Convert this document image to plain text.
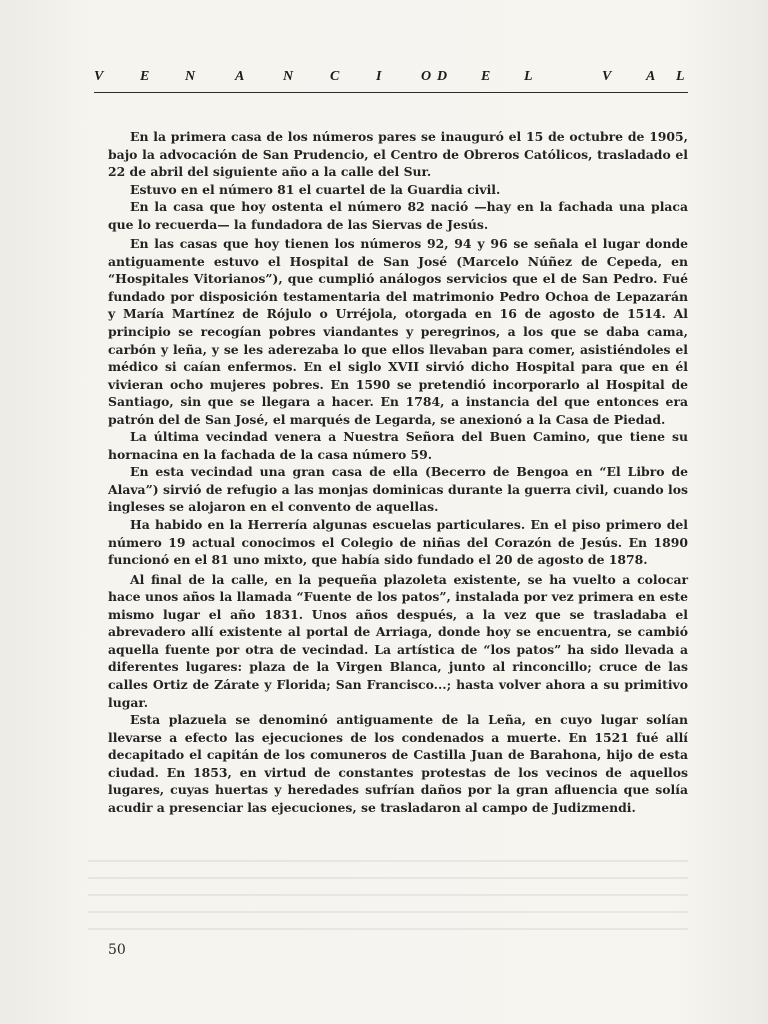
V	E	N	A	N	C	I	O D E L	V A L

En la primera casa de los números pares se inauguró el 15 de octubre de 1905, bajo la advocación de San Prudencio, el Centro de Obreros Católicos, trasladado el 22 de abril del siguiente año a la calle del Sur.

Estuvo en el número 81 el cuartel de la Guardia civil.

En la casa que hoy ostenta el número 82 nació —hay en la fachada una placa que lo recuerda— la fundadora de las Siervas de Jesús.

En las casas que hoy tienen los números 92, 94 y 96 se señala el lugar donde antiguamente estuvo el Hospital de San José (Marcelo Núñez de Cepeda, en “Hospitales Vitorianos”), que cumplió análogos servicios que el de San Pedro. Fué fundado por disposición testamentaria del matrimonio Pedro Ochoa de Lepazarán y María Martínez de Rójulo o Urréjola, otorgada en 16 de agosto de 1514. Al principio se recogían pobres viandantes y peregrinos, a los que se daba cama, carbón y leña, y se les aderezaba lo que ellos llevaban para comer, asistiéndoles el médico si caían enfermos. En el siglo XVII sirvió dicho Hospital para que en él vivieran ocho mujeres pobres. En 1590 se pretendió incorporarlo al Hospital de Santiago, sin que se llegara a hacer. En 1784, a instancia del que entonces era patrón del de San José, el marqués de Legarda, se anexionó a la Casa de Piedad.

La última vecindad venera a Nuestra Señora del Buen Camino, que tiene su hornacina en la fachada de la casa número 59.

En esta vecindad una gran casa de ella (Becerro de Bengoa en “El Libro de Alava”) sirvió de refugio a las monjas dominicas durante la guerra civil, cuando los ingleses se alojaron en el convento de aquellas.

Ha habido en la Herrería algunas escuelas particulares. En el piso primero del número 19 actual conocimos el Colegio de niñas del Corazón de Jesús. En 1890 funcionó en el 81 uno mixto, que había sido fundado el 20 de agosto de 1878.

Al final de la calle, en la pequeña plazoleta existente, se ha vuelto a colocar hace unos años la llamada “Fuente de los patos”, instalada por vez primera en este mismo lugar el año 1831. Unos años después, a la vez que se trasladaba el abrevadero allí existente al portal de Arriaga, donde hoy se encuentra, se cambió aquella fuente por otra de vecindad. La artística de “los patos” ha sido llevada a diferentes lugares: plaza de la Virgen Blanca, junto al rinconcillo; cruce de las calles Ortiz de Zárate y Florida; San Francisco...; hasta volver ahora a su primitivo lugar.

Esta plazuela se denominó antiguamente de la Leña, en cuyo lugar solían llevarse a efecto las ejecuciones de los condenados a muerte. En 1521 fué allí decapitado el capitán de los comuneros de Castilla Juan de Barahona, hijo de esta ciudad. En 1853, en virtud de constantes protestas de los vecinos de aquellos lugares, cuyas huertas y heredades sufrían daños por la gran afluencia que solía acudir a presenciar las ejecuciones, se trasladaron al campo de Judizmendi.

50
